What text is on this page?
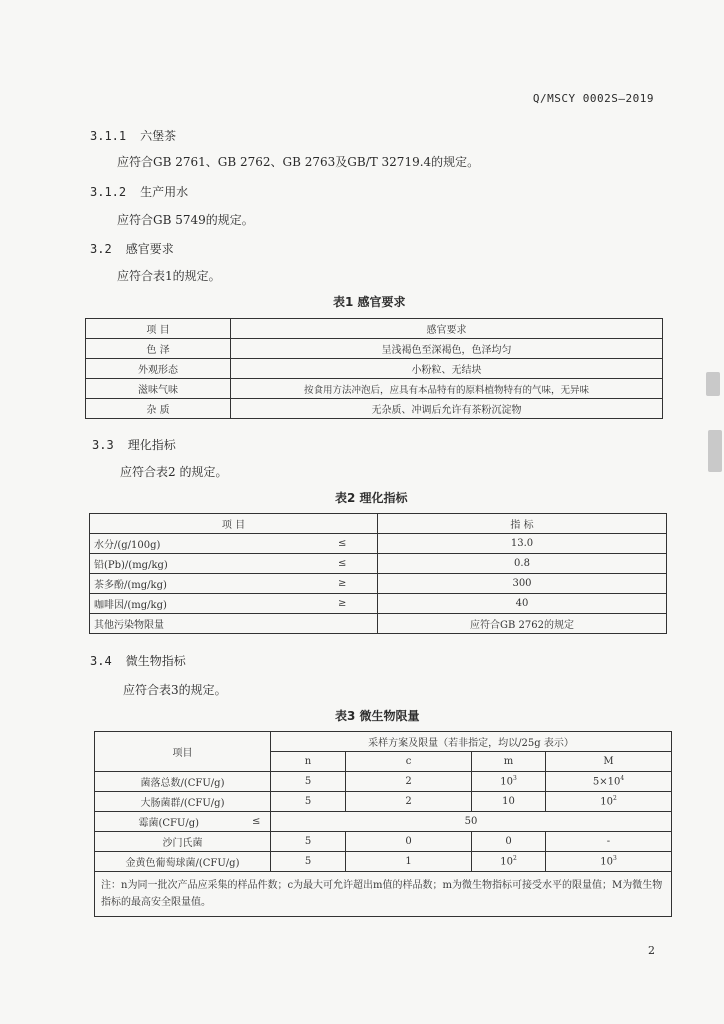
Q/MSCY 0002S—2019
3.1.1 六堡茶
应符合GB 2761、GB 2762、GB 2763及GB/T 32719.4的规定。
3.1.2 生产用水
应符合GB 5749的规定。
3.2 感官要求
应符合表1的规定。
表1 感官要求
项 目	感官要求
色 泽	呈浅褐色至深褐色，色泽均匀
外观形态	小粉粒、无结块
滋味气味	按食用方法冲泡后，应具有本品特有的原料植物特有的气味，无异味
杂 质	无杂质、冲调后允许有茶粉沉淀物
3.3 理化指标
应符合表2 的规定。
表2 理化指标
项 目		指 标
水分/(g/100g)	≤	13.0
铅(Pb)/(mg/kg)	≤	0.8
茶多酚/(mg/kg)	≥	300
咖啡因/(mg/kg)	≥	40
其他污染物限量		应符合GB 2762的规定
3.4 微生物指标
应符合表3的规定。
表3 微生物限量
项目		采样方案及限量（若非指定，均以/25g 表示）			
		n	c	m	M
菌落总数/(CFU/g)		5	2	$10^3$	$5\times 10^4$
大肠菌群/(CFU/g)		5	2	10	$10^2$
霉菌(CFU/g)	≤	50			
沙门氏菌		5	0	0	-
金黄色葡萄球菌/(CFU/g)		5	1	$10^2$	$10^3$
注：n为同一批次产品应采集的样品件数；c为最大可允许超出m值的样品数；m为微生物指标可接受水平的限量值；M为微生物指标的最高安全限量值。					
2
